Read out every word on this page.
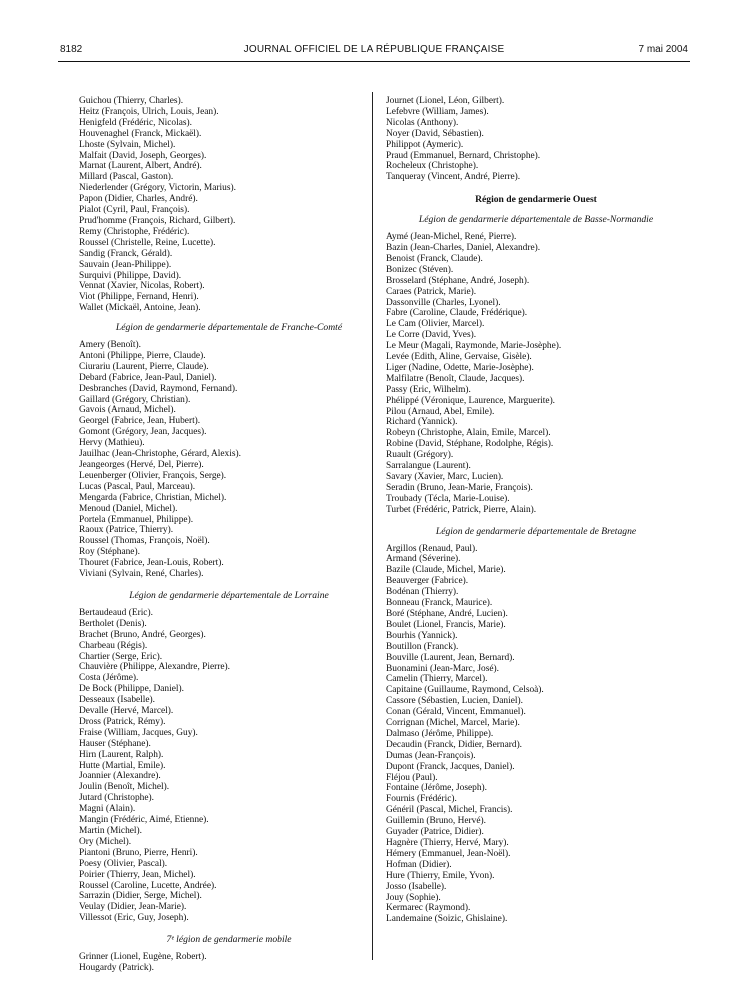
8182	JOURNAL OFFICIEL DE LA RÉPUBLIQUE FRANÇAISE	7 mai 2004
Guichou (Thierry, Charles).
Heitz (François, Ulrich, Louis, Jean).
Henigfeld (Frédéric, Nicolas).
Houvenaghel (Franck, Mickaël).
Lhoste (Sylvain, Michel).
Malfait (David, Joseph, Georges).
Marnat (Laurent, Albert, André).
Millard (Pascal, Gaston).
Niederlender (Grégory, Victorin, Marius).
Papon (Didier, Charles, André).
Pialot (Cyril, Paul, François).
Prud'homme (François, Richard, Gilbert).
Remy (Christophe, Frédéric).
Roussel (Christelle, Reine, Lucette).
Sandig (Franck, Gérald).
Sauvain (Jean-Philippe).
Surquivi (Philippe, David).
Vennat (Xavier, Nicolas, Robert).
Viot (Philippe, Fernand, Henri).
Wallet (Mickaël, Antoine, Jean).
Légion de gendarmerie départementale de Franche-Comté
Amery (Benoît).
Antoni (Philippe, Pierre, Claude).
Ciurariu (Laurent, Pierre, Claude).
Debard (Fabrice, Jean-Paul, Daniel).
Desbranches (David, Raymond, Fernand).
Gaillard (Grégory, Christian).
Gavois (Arnaud, Michel).
Georgel (Fabrice, Jean, Hubert).
Gomont (Grégory, Jean, Jacques).
Hervy (Mathieu).
Jauilhac (Jean-Christophe, Gérard, Alexis).
Jeangeorges (Hervé, Del, Pierre).
Leuenberger (Olivier, François, Serge).
Lucas (Pascal, Paul, Marceau).
Mengarda (Fabrice, Christian, Michel).
Menoud (Daniel, Michel).
Portela (Emmanuel, Philippe).
Raoux (Patrice, Thierry).
Roussel (Thomas, François, Noël).
Roy (Stéphane).
Thouret (Fabrice, Jean-Louis, Robert).
Viviani (Sylvain, René, Charles).
Légion de gendarmerie départementale de Lorraine
Bertaudeaud (Eric).
Bertholet (Denis).
Brachet (Bruno, André, Georges).
Charbeau (Régis).
Chartier (Serge, Eric).
Chauvière (Philippe, Alexandre, Pierre).
Costa (Jérôme).
De Bock (Philippe, Daniel).
Desseaux (Isabelle).
Devalle (Hervé, Marcel).
Dross (Patrick, Rémy).
Fraise (William, Jacques, Guy).
Hauser (Stéphane).
Hirn (Laurent, Ralph).
Hutte (Martial, Emile).
Joannier (Alexandre).
Joulin (Benoît, Michel).
Jutard (Christophe).
Magni (Alain).
Mangin (Frédéric, Aimé, Etienne).
Martin (Michel).
Ory (Michel).
Piantoni (Bruno, Pierre, Henri).
Poesy (Olivier, Pascal).
Poirier (Thierry, Jean, Michel).
Roussel (Caroline, Lucette, Andrée).
Sarrazin (Didier, Serge, Michel).
Veulay (Didier, Jean-Marie).
Villessot (Eric, Guy, Joseph).
7ᵉ légion de gendarmerie mobile
Grinner (Lionel, Eugène, Robert).
Hougardy (Patrick).
Journet (Lionel, Léon, Gilbert).
Lefebvre (William, James).
Nicolas (Anthony).
Noyer (David, Sébastien).
Philippot (Aymeric).
Praud (Emmanuel, Bernard, Christophe).
Rocheleux (Christophe).
Tanqueray (Vincent, André, Pierre).
Région de gendarmerie Ouest
Légion de gendarmerie départementale de Basse-Normandie
Aymé (Jean-Michel, René, Pierre).
Bazin (Jean-Charles, Daniel, Alexandre).
Benoist (Franck, Claude).
Bonizec (Stéven).
Brosselard (Stéphane, André, Joseph).
Caraes (Patrick, Marie).
Dassonville (Charles, Lyonel).
Fabre (Caroline, Claude, Frédérique).
Le Cam (Olivier, Marcel).
Le Corre (David, Yves).
Le Meur (Magali, Raymonde, Marie-Josèphe).
Levée (Edith, Aline, Gervaise, Gisèle).
Liger (Nadine, Odette, Marie-Josèphe).
Malfilatre (Benoît, Claude, Jacques).
Passy (Eric, Wilhelm).
Phélippé (Véronique, Laurence, Marguerite).
Pilou (Arnaud, Abel, Emile).
Richard (Yannick).
Robeyn (Christophe, Alain, Emile, Marcel).
Robine (David, Stéphane, Rodolphe, Régis).
Ruault (Grégory).
Sarralangue (Laurent).
Savary (Xavier, Marc, Lucien).
Seradin (Bruno, Jean-Marie, François).
Troubady (Técla, Marie-Louise).
Turbet (Frédéric, Patrick, Pierre, Alain).
Légion de gendarmerie départementale de Bretagne
Argillos (Renaud, Paul).
Armand (Séverine).
Bazile (Claude, Michel, Marie).
Beauverger (Fabrice).
Bodénan (Thierry).
Bonneau (Franck, Maurice).
Boré (Stéphane, André, Lucien).
Boulet (Lionel, Francis, Marie).
Bourhis (Yannick).
Boutillon (Franck).
Bouville (Laurent, Jean, Bernard).
Buonamini (Jean-Marc, José).
Camelin (Thierry, Marcel).
Capitaine (Guillaume, Raymond, Celsoà).
Cassore (Sébastien, Lucien, Daniel).
Conan (Gérald, Vincent, Emmanuel).
Corrignan (Michel, Marcel, Marie).
Dalmaso (Jérôme, Philippe).
Decaudin (Franck, Didier, Bernard).
Dumas (Jean-François).
Dupont (Franck, Jacques, Daniel).
Fléjou (Paul).
Fontaine (Jérôme, Joseph).
Fournis (Frédéric).
Généril (Pascal, Michel, Francis).
Guillemin (Bruno, Hervé).
Guyader (Patrice, Didier).
Hagnère (Thierry, Hervé, Mary).
Hémery (Emmanuel, Jean-Noël).
Hofman (Didier).
Hure (Thierry, Emile, Yvon).
Josso (Isabelle).
Jouy (Sophie).
Kermarec (Raymond).
Landemaine (Soizic, Ghislaine).
